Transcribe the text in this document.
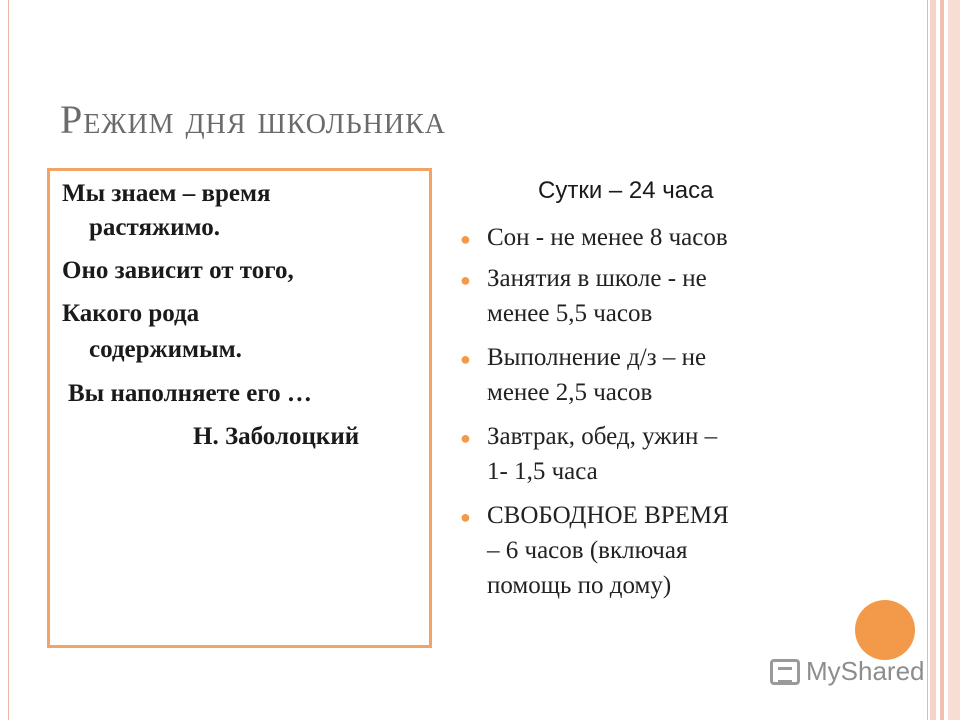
Режим дня школьника
Мы знаем – время
растяжимо.
Оно зависит от того,
Какого рода
содержимым.
Вы наполняете его …
Н. Заболоцкий
Сутки – 24 часа
● Сон - не менее 8 часов
● Занятия в школе - не
менее 5,5 часов
● Выполнение д/з – не
менее 2,5 часов
● Завтрак, обед, ужин –
1- 1,5 часа
● СВОБОДНОЕ ВРЕМЯ
– 6 часов (включая
помощь по дому)
MyShared
